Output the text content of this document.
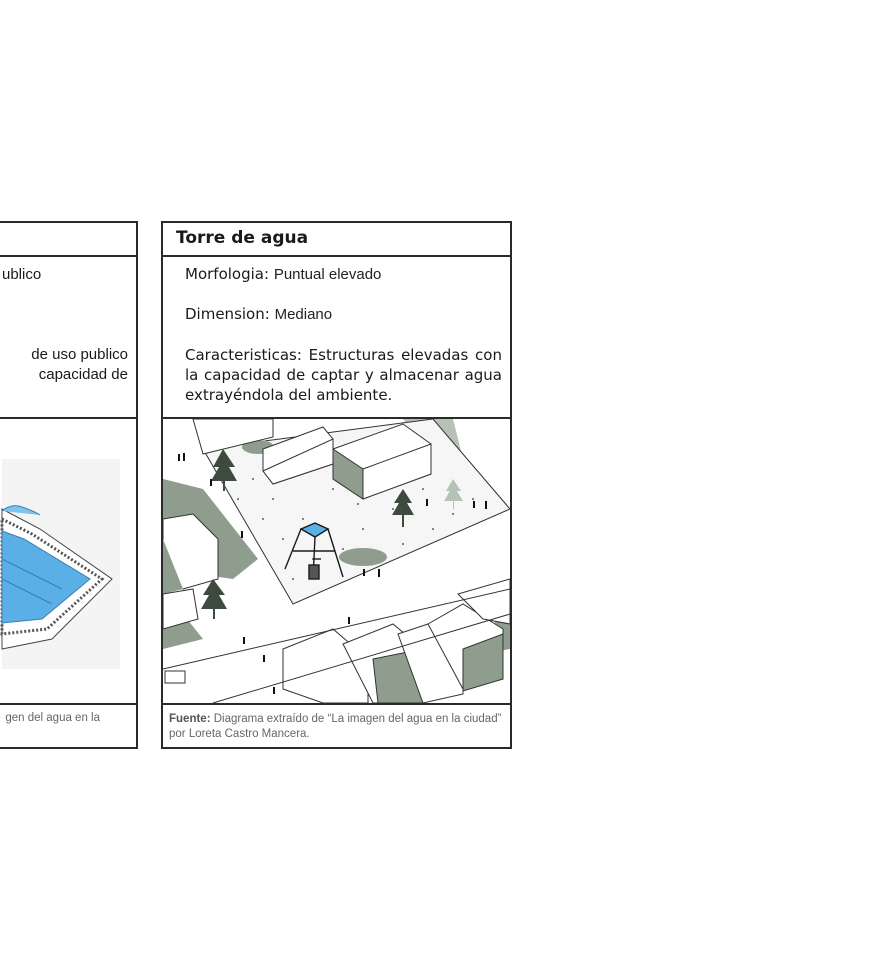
ublico
de uso publico
capacidad de
gen del agua en la
Torre de agua
Morfologia: Puntual elevado
Dimension: Mediano
Caracteristicas: Estructuras elevadas con la capacidad de captar y almacenar agua extrayéndola del ambiente.
Fuente: Diagrama extraído de “La imagen del agua en la ciudad” por Loreta Castro Mancera.
